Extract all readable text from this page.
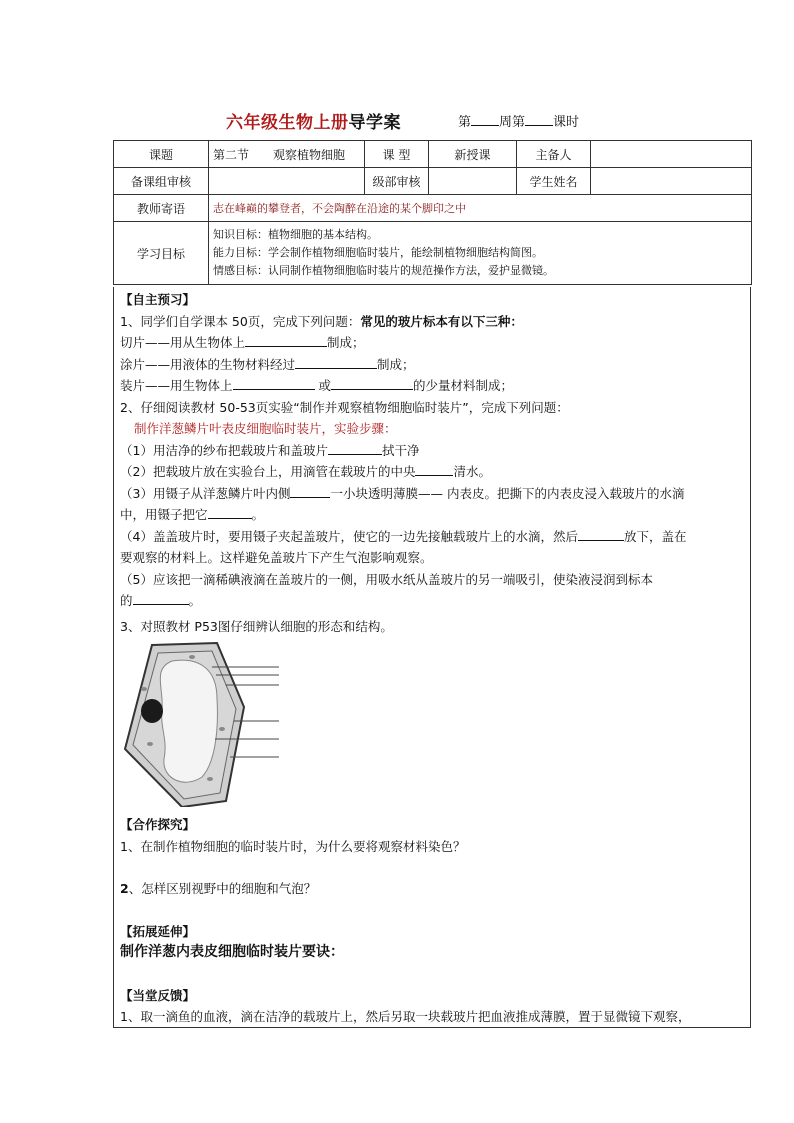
六年级生物上册导学案	第 周第 课时
课题	第二节　　观察植物细胞	课 型	新授课	主备人	
备课组审核		级部审核		学生姓名	
教师寄语	志在峰巅的攀登者，不会陶醉在沿途的某个脚印之中				
学习目标	知识目标：植物细胞的基本结构。
能力目标：学会制作植物细胞临时装片，能绘制植物细胞结构简图。
情感目标：认同制作植物细胞临时装片的规范操作方法，爱护显微镜。				
【自主预习】
1、同学们自学课本 50页，完成下列问题：常见的玻片标本有以下三种：
切片——用从生物体上	制成；
涂片——用液体的生物材料经过	制成；
装片——用生物体上	或	的少量材料制成；
2、仔细阅读教材 50-53页实验“制作并观察植物细胞临时装片”，完成下列问题：
制作洋葱鳞片叶表皮细胞临时装片，实验步骤：
（1）用洁净的纱布把载玻片和盖玻片	拭干净
（2）把载玻片放在实验台上，用滴管在载玻片的中央	清水。
（3）用镊子从洋葱鳞片叶内侧	一小块透明薄膜—— 内表皮。把撕下的内表皮浸入载玻片的水滴
中，用镊子把它	。
（4）盖盖玻片时，要用镊子夹起盖玻片，使它的一边先接触载玻片上的水滴，然后	放下，盖在
要观察的材料上。这样避免盖玻片下产生气泡影响观察。
（5）应该把一滴稀碘液滴在盖玻片的一侧，用吸水纸从盖玻片的另一端吸引，使染液浸润到标本
的	。
3、对照教材 P53图仔细辨认细胞的形态和结构。
【合作探究】
1、在制作植物细胞的临时装片时，为什么要将观察材料染色？
2、怎样区别视野中的细胞和气泡？
【拓展延伸】
制作洋葱内表皮细胞临时装片要诀：
【当堂反馈】
1、取一滴鱼的血液，滴在洁净的载玻片上，然后另取一块载玻片把血液推成薄膜，置于显微镜下观察，
